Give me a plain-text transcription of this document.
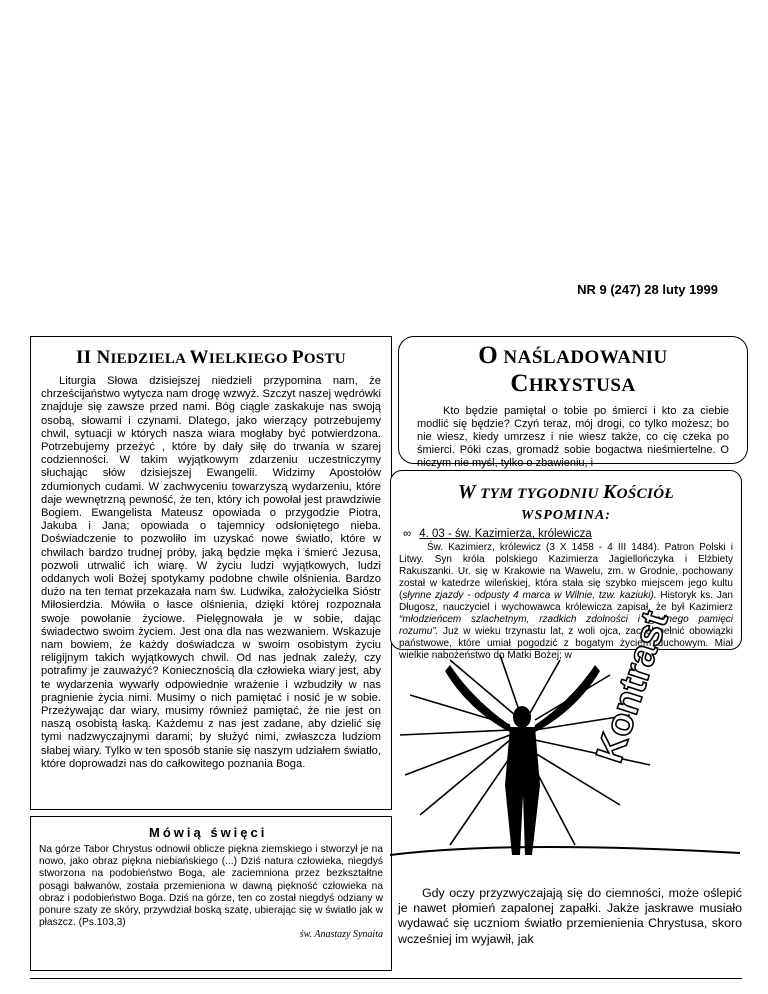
NR 9 (247) 28 luty 1999
II NIEDZIELA WIELKIEGO POSTU
Liturgia Słowa dzisiejszej niedzieli przypomina nam, że chrześcijaństwo wytycza nam drogę wzwyż. Szczyt naszej wędrówki znajduje się zawsze przed nami. Bóg ciągle zaskakuje nas swoją osobą, słowami i czynami. Dlatego, jako wierzący potrzebujemy chwil, sytuacji w których nasza wiara mogłaby być potwierdzona. Potrzebujemy przeżyć , które by dały siłę do trwania w szarej codzienności. W takim wyjątkowym zdarzeniu uczestniczymy słuchając słów dzisiejszej Ewangelii. Widzimy Apostołów zdumionych cudami. W zachwyceniu towarzyszą wydarzeniu, które daje wewnętrzną pewność, że ten, który ich powołał jest prawdziwie Bogiem. Ewangelista Mateusz opowiada o przygodzie Piotra, Jakuba i Jana; opowiada o tajemnicy odsłoniętego nieba. Doświadczenie to pozwoliło im uzyskać nowe światło, które w chwilach bardzo trudnej próby, jaką będzie męka i śmierć Jezusa, pozwoli utrwalić ich wiarę. W życiu ludzi wyjątkowych, ludzi oddanych woli Bożej spotykamy podobne chwile olśnienia. Bardzo dużo na ten temat przekazała nam św. Ludwika, założycielka Sióstr Miłosierdzia. Mówiła o łasce olśnienia, dzięki której rozpoznała swoje powołanie życiowe. Pielęgnowała je w sobie, dając świadectwo swoim życiem. Jest ona dla nas wezwaniem. Wskazuje nam bowiem, że każdy doświadcza w swoim osobistym życiu religijnym takich wyjątkowych chwil. Od nas jednak zależy, czy potrafimy je zauważyć? Koniecznością dla człowieka wiary jest, aby te wydarzenia wywarły odpowiednie wrażenie i wzbudziły w nas pragnienie życia nimi. Musimy o nich pamiętać i nosić je w sobie. Przeżywając dar wiary, musimy również pamiętać, że nie jest on naszą osobistą łaską. Każdemu z nas jest zadane, aby dzielić się tymi nadzwyczajnymi darami; by służyć nimi, zwłaszcza ludziom słabej wiary. Tylko w ten sposób stanie się naszym udziałem światło, które doprowadzi nas do całkowitego poznania Boga.
O NAŚLADOWANIU
CHRYSTUSA
Kto będzie pamiętał o tobie po śmierci i kto za ciebie modlić się będzie? Czyń teraz, mój drogi, co tylko możesz; bo nie wiesz, kiedy umrzesz i nie wiesz także, co cię czeka po śmierci. Póki czas, gromadź sobie bogactwa nieśmiertelne. O niczym nie myśl, tylko o zbawieniu, i
W TYM TYGODNIU KOŚCIÓŁ
WSPOMINA:
∞ 4. 03 - św. Kazimierza, królewicza
Św. Kazimierz, królewicz (3 X 1458 - 4 III 1484). Patron Polski i Litwy. Syn króla polskiego Kazimierza Jagiellończyka i Elżbiety Rakuszanki. Ur. się w Krakowie na Wawelu, zm. w Grodnie, pochowany został w katedrze wileńskiej, która stała się szybko miejscem jego kultu (słynne zjazdy - odpusty 4 marca w Wilnie, tzw. kaziuki). Historyk ks. Jan Długosz, nauczyciel i wychowawca królewicza zapisał, że był Kazimierz “młodzieńcem szlachetnym, rzadkich zdolności i godnego pamięci rozumu”. Już w wieku trzynastu lat, z woli ojca, zaczął pełnić obowiązki państwowe, które umiał pogodzić z bogatym życiem duchowym. Miał wielkie nabożeństwo do Matki Bożej; w
Mówią święci
Na górze Tabor Chrystus odnowił oblicze piękna ziemskiego i stworzył je na nowo, jako obraz piękna niebiańskiego (...) Dziś natura człowieka, niegdyś stworzona na podobieństwo Boga, ale zaciemniona przez bezkształtne posągi bałwanów, została przemieniona w dawną piękność człowieka na obraz i podobieństwo Boga. Dziś na górze, ten co został niegdyś odziany w ponure szaty ze skóry, przywdział boską szatę, ubierając się w światło jak w płaszcz. (Ps.103,3)
św. Anastazy Synaita
Kontrast
Gdy oczy przyzwyczajają się do ciemności, może oślepić je nawet płomień zapalonej zapałki. Jakże jaskrawe musiało wydawać się uczniom światło przemienienia Chrystusa, skoro wcześniej im wyjawił, jak
